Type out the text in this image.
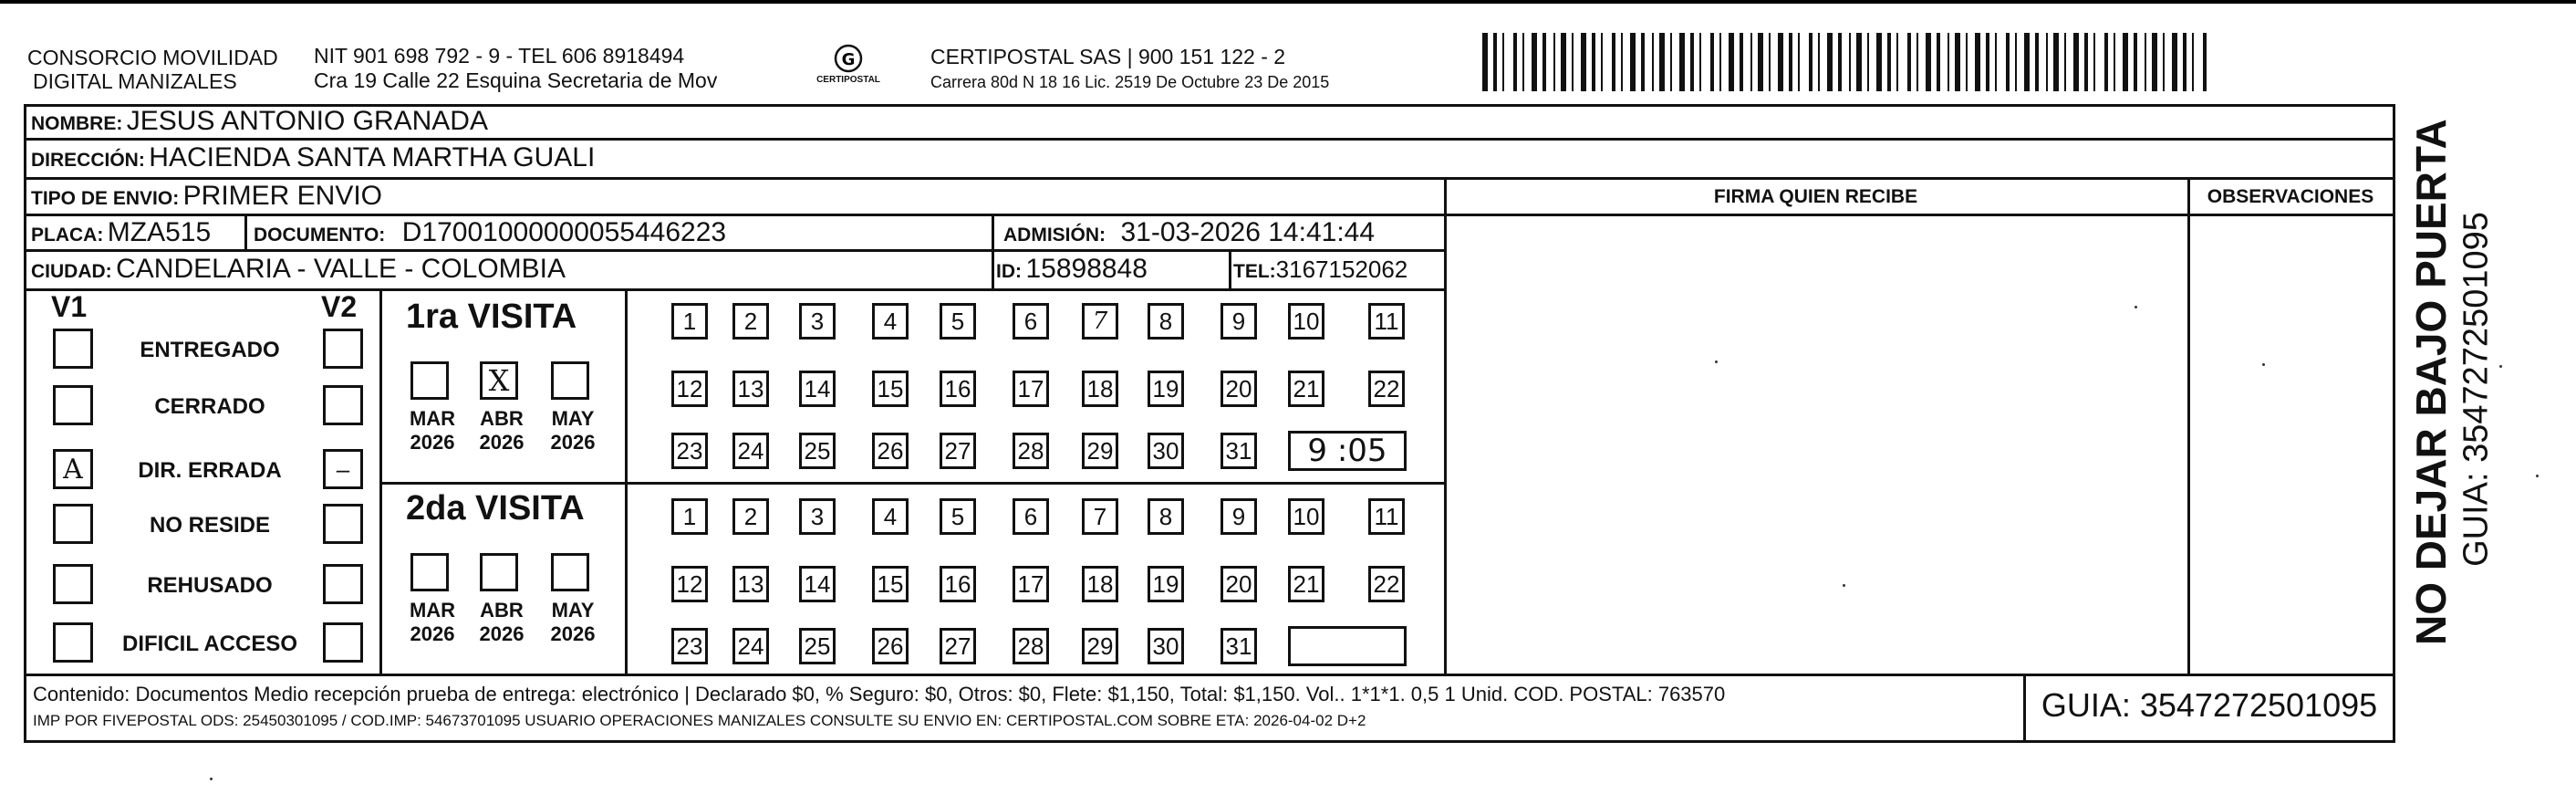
CONSORCIO MOVILIDAD
DIGITAL MANIZALES
NIT 901 698 792 - 9 - TEL 606 8918494
Cra 19 Calle 22 Esquina Secretaria de Mov
G
CERTIPOSTAL
CERTIPOSTAL SAS | 900 151 122 - 2
Carrera 80d N 18 16 Lic. 2519 De Octubre 23 De 2015
NOMBRE: JESUS ANTONIO GRANADA
DIRECCIÓN: HACIENDA SANTA MARTHA GUALI
TIPO DE ENVIO: PRIMER ENVIO	FIRMA QUIEN RECIBE	OBSERVACIONES
PLACA: MZA515 DOCUMENTO: D17001000000055446223	ADMISIÓN: 31-03-2026 14:41:44
CIUDAD: CANDELARIA - VALLE - COLOMBIA	ID: 15898848	TEL:3167152062
V1	V2
ENTREGADO
CERRADO
A	DIR. ERRADA	–
NO RESIDE
REHUSADO
DIFICIL ACCESO
1ra VISITA
MAR
2026
X
ABR
2026
MAY
2026
1	2	3	4	5	6	7	8	9	10 11
12 13 14 15 16 17 18 19 20 21 22
23 24 25 26 27 28 29 30 31	9 :05
2da VISITA
MAR
2026
ABR
2026
MAY
2026
1	2	3	4	5	6	7	8	9	10 11
12 13 14 15 16 17 18 19 20 21 22
23 24 25 26 27 28 29 30 31
Contenido: Documentos Medio recepción prueba de entrega: electrónico | Declarado $0, % Seguro: $0, Otros: $0, Flete: $1,150, Total: $1,150. Vol.. 1*1*1. 0,5 1 Unid. COD. POSTAL: 763570
IMP POR FIVEPOSTAL ODS: 25450301095 / COD.IMP: 54673701095 USUARIO OPERACIONES MANIZALES CONSULTE SU ENVIO EN: CERTIPOSTAL.COM SOBRE ETA: 2026-04-02 D+2	GUIA: 3547272501095
NO DEJAR BAJO PUERTA GUIA: 3547272501095
